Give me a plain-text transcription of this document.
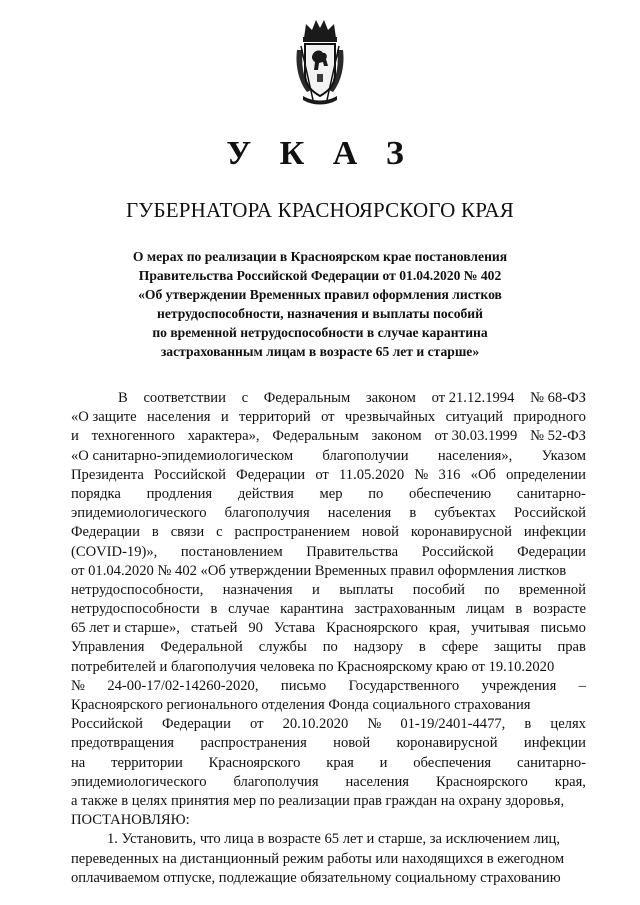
У К А З
ГУБЕРНАТОРА КРАСНОЯРСКОГО КРАЯ
О мерах по реализации в Красноярском крае постановления
Правительства Российской Федерации от 01.04.2020 № 402
«Об утверждении Временных правил оформления листков
нетрудоспособности, назначения и выплаты пособий
по временной нетрудоспособности в случае карантина
застрахованным лицам в возрасте 65 лет и старше»
В соответствии с Федеральным законом от 21.12.1994 № 68-ФЗ
«О защите населения и территорий от чрезвычайных ситуаций природного
и техногенного характера», Федеральным законом от 30.03.1999 № 52-ФЗ
«О санитарно-эпидемиологическом благополучии населения», Указом
Президента Российской Федерации от 11.05.2020 № 316 «Об определении
порядка продления действия мер по обеспечению санитарно-
эпидемиологического благополучия населения в субъектах Российской
Федерации в связи с распространением новой коронавирусной инфекции
(COVID-19)», постановлением Правительства Российской Федерации
от 01.04.2020 № 402 «Об утверждении Временных правил оформления листков
нетрудоспособности, назначения и выплаты пособий по временной
нетрудоспособности в случае карантина застрахованным лицам в возрасте
65 лет и старше», статьей 90 Устава Красноярского края, учитывая письмо
Управления Федеральной службы по надзору в сфере защиты прав
потребителей и благополучия человека по Красноярскому краю от 19.10.2020
№ 24-00-17/02-14260-2020, письмо Государственного учреждения –
Красноярского регионального отделения Фонда социального страхования
Российской Федерации от 20.10.2020 № 01-19/2401-4477, в целях
предотвращения распространения новой коронавирусной инфекции
на территории Красноярского края и обеспечения санитарно-
эпидемиологического благополучия населения Красноярского края,
а также в целях принятия мер по реализации прав граждан на охрану здоровья,
ПОСТАНОВЛЯЮ:
1. Установить, что лица в возрасте 65 лет и старше, за исключением лиц,
переведенных на дистанционный режим работы или находящихся в ежегодном
оплачиваемом отпуске, подлежащие обязательному социальному страхованию
